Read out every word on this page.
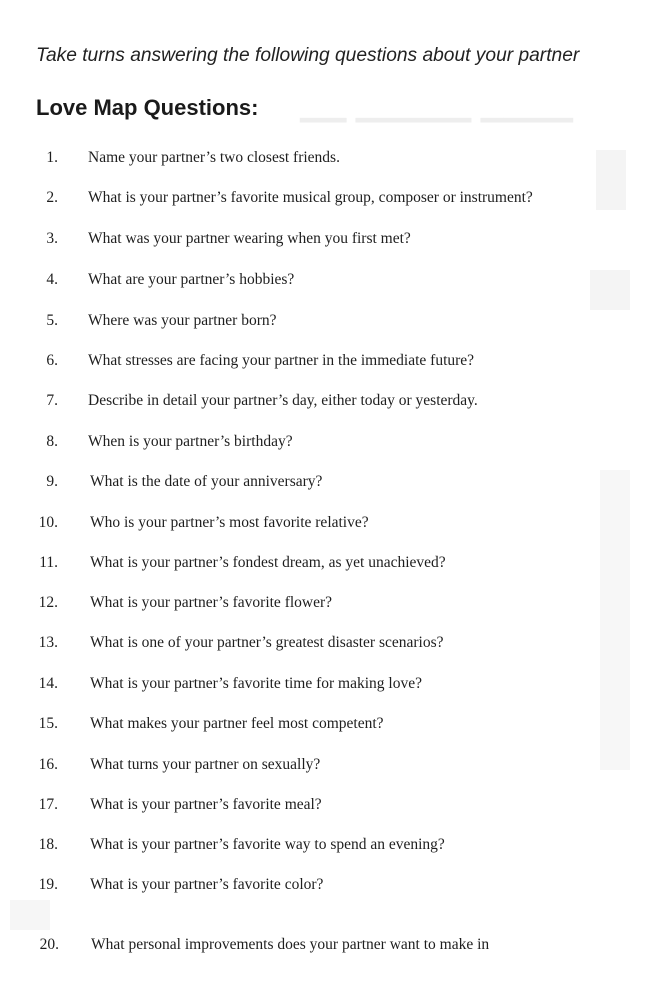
▁▁ ▁▁▁▁▁ ▁▁▁▁
Take turns answering the following questions about your partner
Love Map Questions:
1. Name your partner’s two closest friends.
2. What is your partner’s favorite musical group, composer or instrument?
3. What was your partner wearing when you first met?
4. What are your partner’s hobbies?
5. Where was your partner born?
6. What stresses are facing your partner in the immediate future?
7. Describe in detail your partner’s day, either today or yesterday.
8. When is your partner’s birthday?
9. What is the date of your anniversary?
10. Who is your partner’s most favorite relative?
11. What is your partner’s fondest dream, as yet unachieved?
12. What is your partner’s favorite flower?
13. What is one of your partner’s greatest disaster scenarios?
14. What is your partner’s favorite time for making love?
15. What makes your partner feel most competent?
16. What turns your partner on sexually?
17. What is your partner’s favorite meal?
18. What is your partner’s favorite way to spend an evening?
19. What is your partner’s favorite color?
20. What personal improvements does your partner want to make in
